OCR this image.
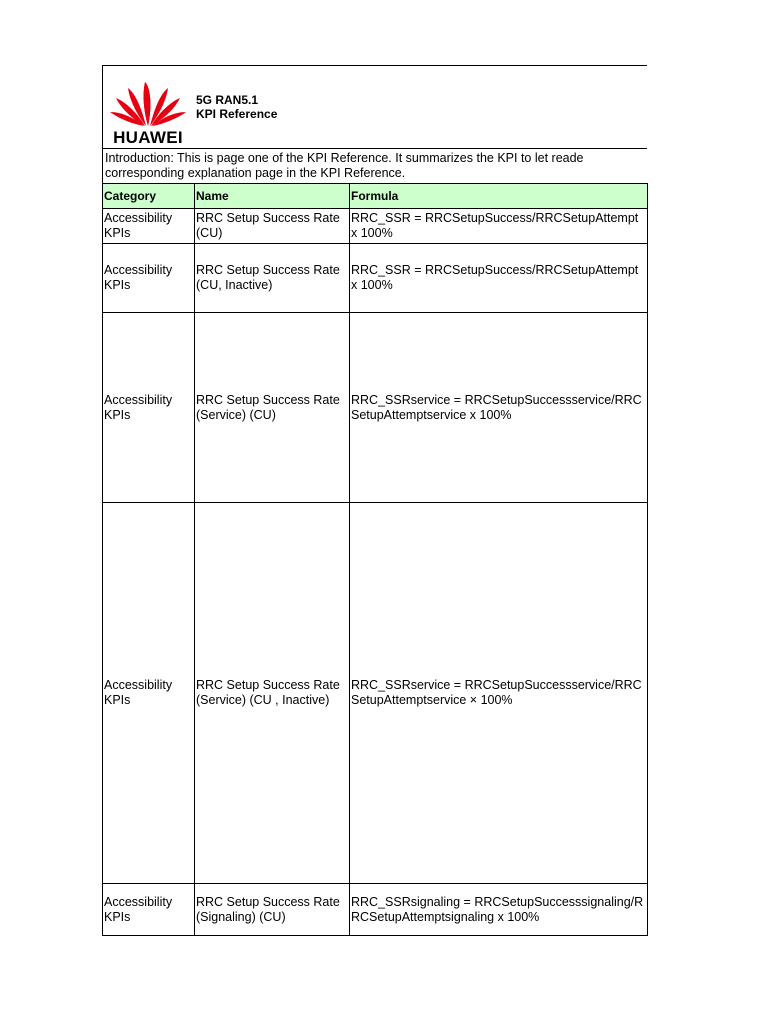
HUAWEI
5G RAN5.1
KPI Reference
Introduction: This is page one of the KPI Reference. It summarizes the KPI to let reade
corresponding explanation page in the KPI Reference.
Category	Name	Formula
Accessibility KPIs	RRC Setup Success Rate (CU)	RRC_SSR = RRCSetupSuccess/RRCSetupAttempt x 100%
Accessibility KPIs	RRC Setup Success Rate (CU, Inactive)	RRC_SSR = RRCSetupSuccess/RRCSetupAttempt x 100%
Accessibility KPIs	RRC Setup Success Rate (Service) (CU)	RRC_SSRservice = RRCSetupSuccessservice/RRCSetupAttemptservice x 100%
Accessibility KPIs	RRC Setup Success Rate (Service) (CU , Inactive)	RRC_SSRservice = RRCSetupSuccessservice/RRCSetupAttemptservice × 100%
Accessibility KPIs	RRC Setup Success Rate (Signaling) (CU)	RRC_SSRsignaling = RRCSetupSuccesssignaling/RRCSetupAttemptsignaling x 100%
